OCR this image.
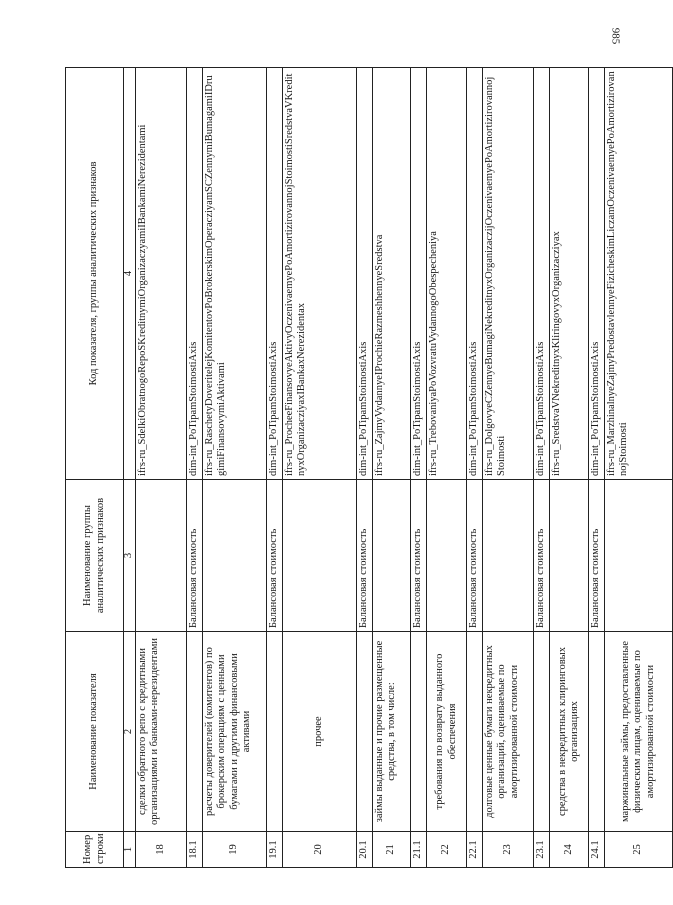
985
Номер строки	Наименование показателя	Наименование группы аналитических признаков	Код показателя, группы аналитических признаков
1	2	3	4
18	сделки обратного репо с кредитными организациями и банками-нерезидентами		ifrs-ru_SdelkiObratnogoRepoSKreditnymiOrganizaczyamiIBankamiNerezidentami
18.1		Балансовая стоимость	dim-int_PoTipamStoimostiAxis
19	расчеты доверителей (комитентов) по брокерским операциям с ценными бумагами и другими финансовыми активами		ifrs-ru_RaschetyDoveritelejKomitentovPoBrokerskimOperacziyamSCZennymiBumagamiIDrugimiFinansovymiAktivami
19.1		Балансовая стоимость	dim-int_PoTipamStoimostiAxis
20	прочее		ifrs-ru_ProcheeFinansovyeAktivyOczenivaemyePoAmortizirovannojStoimostiSredstvaVKreditnyxOrganizacziyaxIBankaxNerezidentax
20.1		Балансовая стоимость	dim-int_PoTipamStoimostiAxis
21	займы выданные и прочие размещенные средства, в том числе:		ifrs-ru_ZajmyVydannyeIProchieRazmeshhennyeSredstva
21.1		Балансовая стоимость	dim-int_PoTipamStoimostiAxis
22	требования по возврату выданного обеспечения		ifrs-ru_TrebovaniyaPoVozvratuVydannogoObespecheniya
22.1		Балансовая стоимость	dim-int_PoTipamStoimostiAxis
23	долговые ценные бумаги некредитных организаций, оцениваемые по амортизированной стоимости		ifrs-ru_DolgovyeCZennyeBumagiNekreditnyxOrganizaczijOczenivaemyePoAmortizirovannojStoimosti
23.1		Балансовая стоимость	dim-int_PoTipamStoimostiAxis
24	средства в некредитных клиринговых организациях		ifrs-ru_SredstvaVNekreditnyxKliringovyxOrganizacziyax
24.1		Балансовая стоимость	dim-int_PoTipamStoimostiAxis
25	маржинальные займы, предоставленные физическим лицам, оцениваемые по амортизированной стоимости		ifrs-ru_MarzhinalnyeZajmyPredostavlennyeFizicheskimLiczamOczenivaemyePoAmortizirovannojStoimosti
